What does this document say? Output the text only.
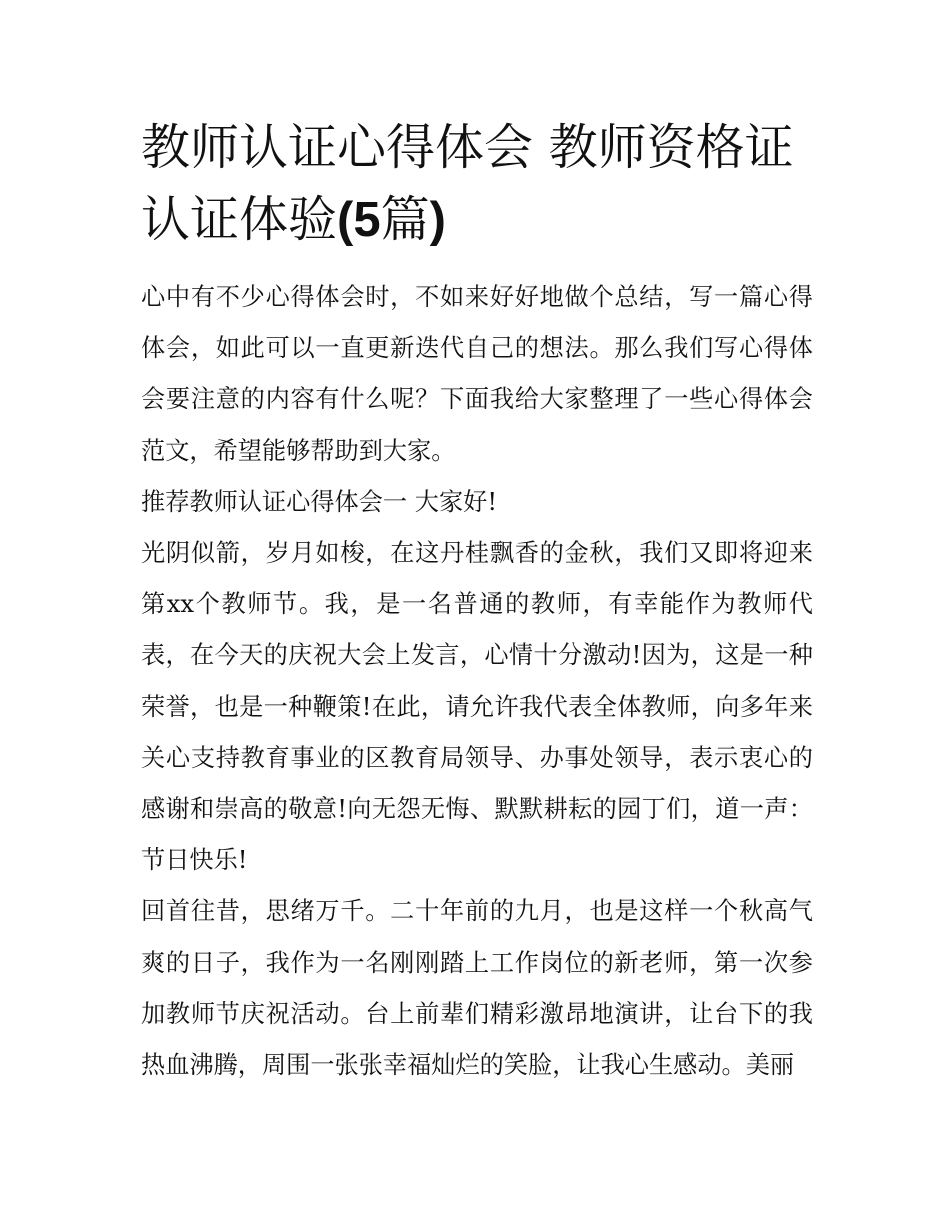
教师认证心得体会 教师资格证认证体验(5篇)

心中有不少心得体会时，不如来好好地做个总结，写一篇心得体会，如此可以一直更新迭代自己的想法。那么我们写心得体会要注意的内容有什么呢？下面我给大家整理了一些心得体会范文，希望能够帮助到大家。

推荐教师认证心得体会一 大家好!

光阴似箭，岁月如梭，在这丹桂飘香的金秋，我们又即将迎来第xx个教师节。我，是一名普通的教师，有幸能作为教师代表，在今天的庆祝大会上发言，心情十分激动!因为，这是一种荣誉，也是一种鞭策!在此，请允许我代表全体教师，向多年来关心支持教育事业的区教育局领导、办事处领导，表示衷心的感谢和崇高的敬意!向无怨无悔、默默耕耘的园丁们，道一声：节日快乐!

回首往昔，思绪万千。二十年前的九月，也是这样一个秋高气爽的日子，我作为一名刚刚踏上工作岗位的新老师，第一次参加教师节庆祝活动。台上前辈们精彩激昂地演讲，让台下的我热血沸腾，周围一张张幸福灿烂的笑脸，让我心生感动。美丽
